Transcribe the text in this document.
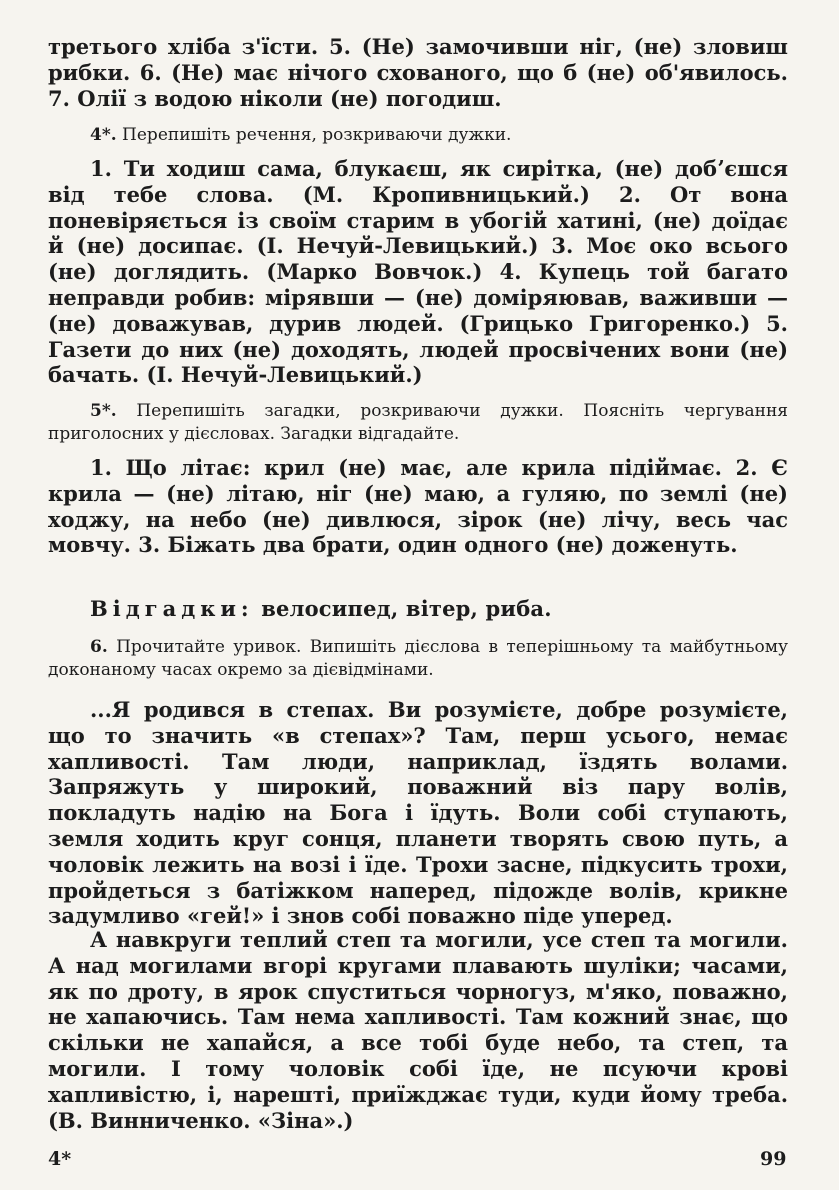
третього хліба з'їсти. 5. (Не) замочивши ніг, (не) зловиш рибки. 6. (Не) має нічого схованого, що б (не) об'явилось. 7. Олії з водою ніколи (не) погодиш.

4*. Перепишіть речення, розкриваючи дужки.

1. Ти ходиш сама, блукаєш, як сирітка, (не) добʼєшся від тебе слова. (М. Кропивницький.) 2. От вона поневіряється із своїм старим в убогій хатині, (не) доїдає й (не) досипає. (І. Нечуй-Левицький.) 3. Моє око всього (не) доглядить. (Марко Вовчок.) 4. Купець той багато неправди робив: мірявши — (не) доміряював, важивши — (не) доважував, дурив людей. (Грицько Григоренко.) 5. Газети до них (не) доходять, людей просвічених вони (не) бачать. (І. Нечуй-Левицький.)

5*. Перепишіть загадки, розкриваючи дужки. Поясніть чергування приголосних у дієсловах. Загадки відгадайте.

1. Що літає: крил (не) має, але крила підіймає. 2. Є крила — (не) літаю, ніг (не) маю, а гуляю, по землі (не) ходжу, на небо (не) дивлюся, зірок (не) лічу, весь час мовчу. 3. Біжать два брати, один одного (не) доженуть.

Відгадки: велосипед, вітер, риба.

6. Прочитайте уривок. Випишіть дієслова в теперішньому та майбутньому доконаному часах окремо за дієвідмінами.

...Я родився в степах. Ви розумієте, добре розумієте, що то значить «в степах»? Там, перш усього, немає хапливості. Там люди, наприклад, їздять волами. Запряжуть у широкий, поважний віз пару волів, покладуть надію на Бога і їдуть. Воли собі ступають, земля ходить круг сонця, планети творять свою путь, а чоловік лежить на возі і їде. Трохи засне, підкусить трохи, пройдеться з батіжком наперед, підожде волів, крикне задумливо «гей!» і знов собі поважно піде уперед.

А навкруги теплий степ та могили, усе степ та могили. А над могилами вгорі кругами плавають шуліки; часами, як по дроту, в ярок спуститься чорногуз, м'яко, поважно, не хапаючись. Там нема хапливості. Там кожний знає, що скільки не хапайся, а все тобі буде небо, та степ, та могили. І тому чоловік собі їде, не псуючи крові хапливістю, і, нарешті, приїжджає туди, куди йому треба. (В. Винниченко. «Зіна».)

4*	99
